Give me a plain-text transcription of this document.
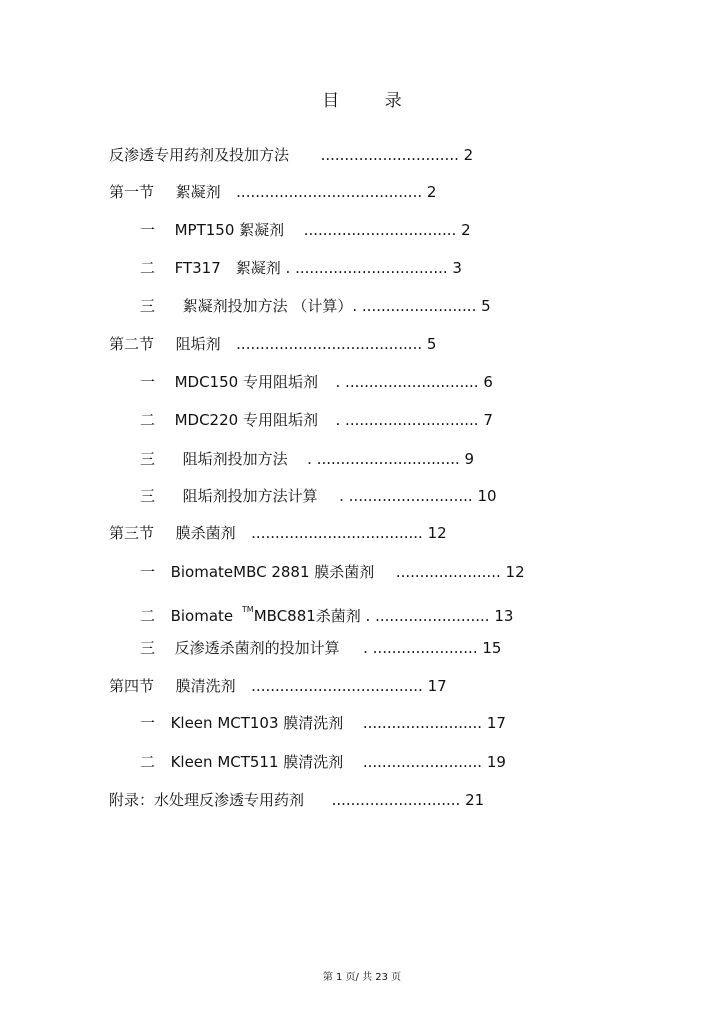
目 录
反渗透专用药剂及投加方法 ............................. 2
第一节 絮凝剂 ....................................... 2
一 MPT150 絮凝剂 ................................ 2
二 FT317　絮凝剂 . ................................ 3
三 絮凝剂投加方法 （计算）. ........................ 5
第二节 阻垢剂 ....................................... 5
一 MDC150 专用阻垢剂 . ............................ 6
二 MDC220 专用阻垢剂 . ............................ 7
三 阻垢剂投加方法 . .............................. 9
三 阻垢剂投加方法计算 . .......................... 10
第三节 膜杀菌剂 .................................... 12
一 BiomateMBC 2881 膜杀菌剂 ...................... 12
二 Biomate TMMBC881杀菌剂 . ........................ 13
三 反渗透杀菌剂的投加计算 . ...................... 15
第四节 膜清洗剂 .................................... 17
一 Kleen MCT103 膜清洗剂 ......................... 17
二 Kleen MCT511 膜清洗剂 ......................... 19
附录：水处理反渗透专用药剂 ........................... 21
第 1 页/ 共 23 页
